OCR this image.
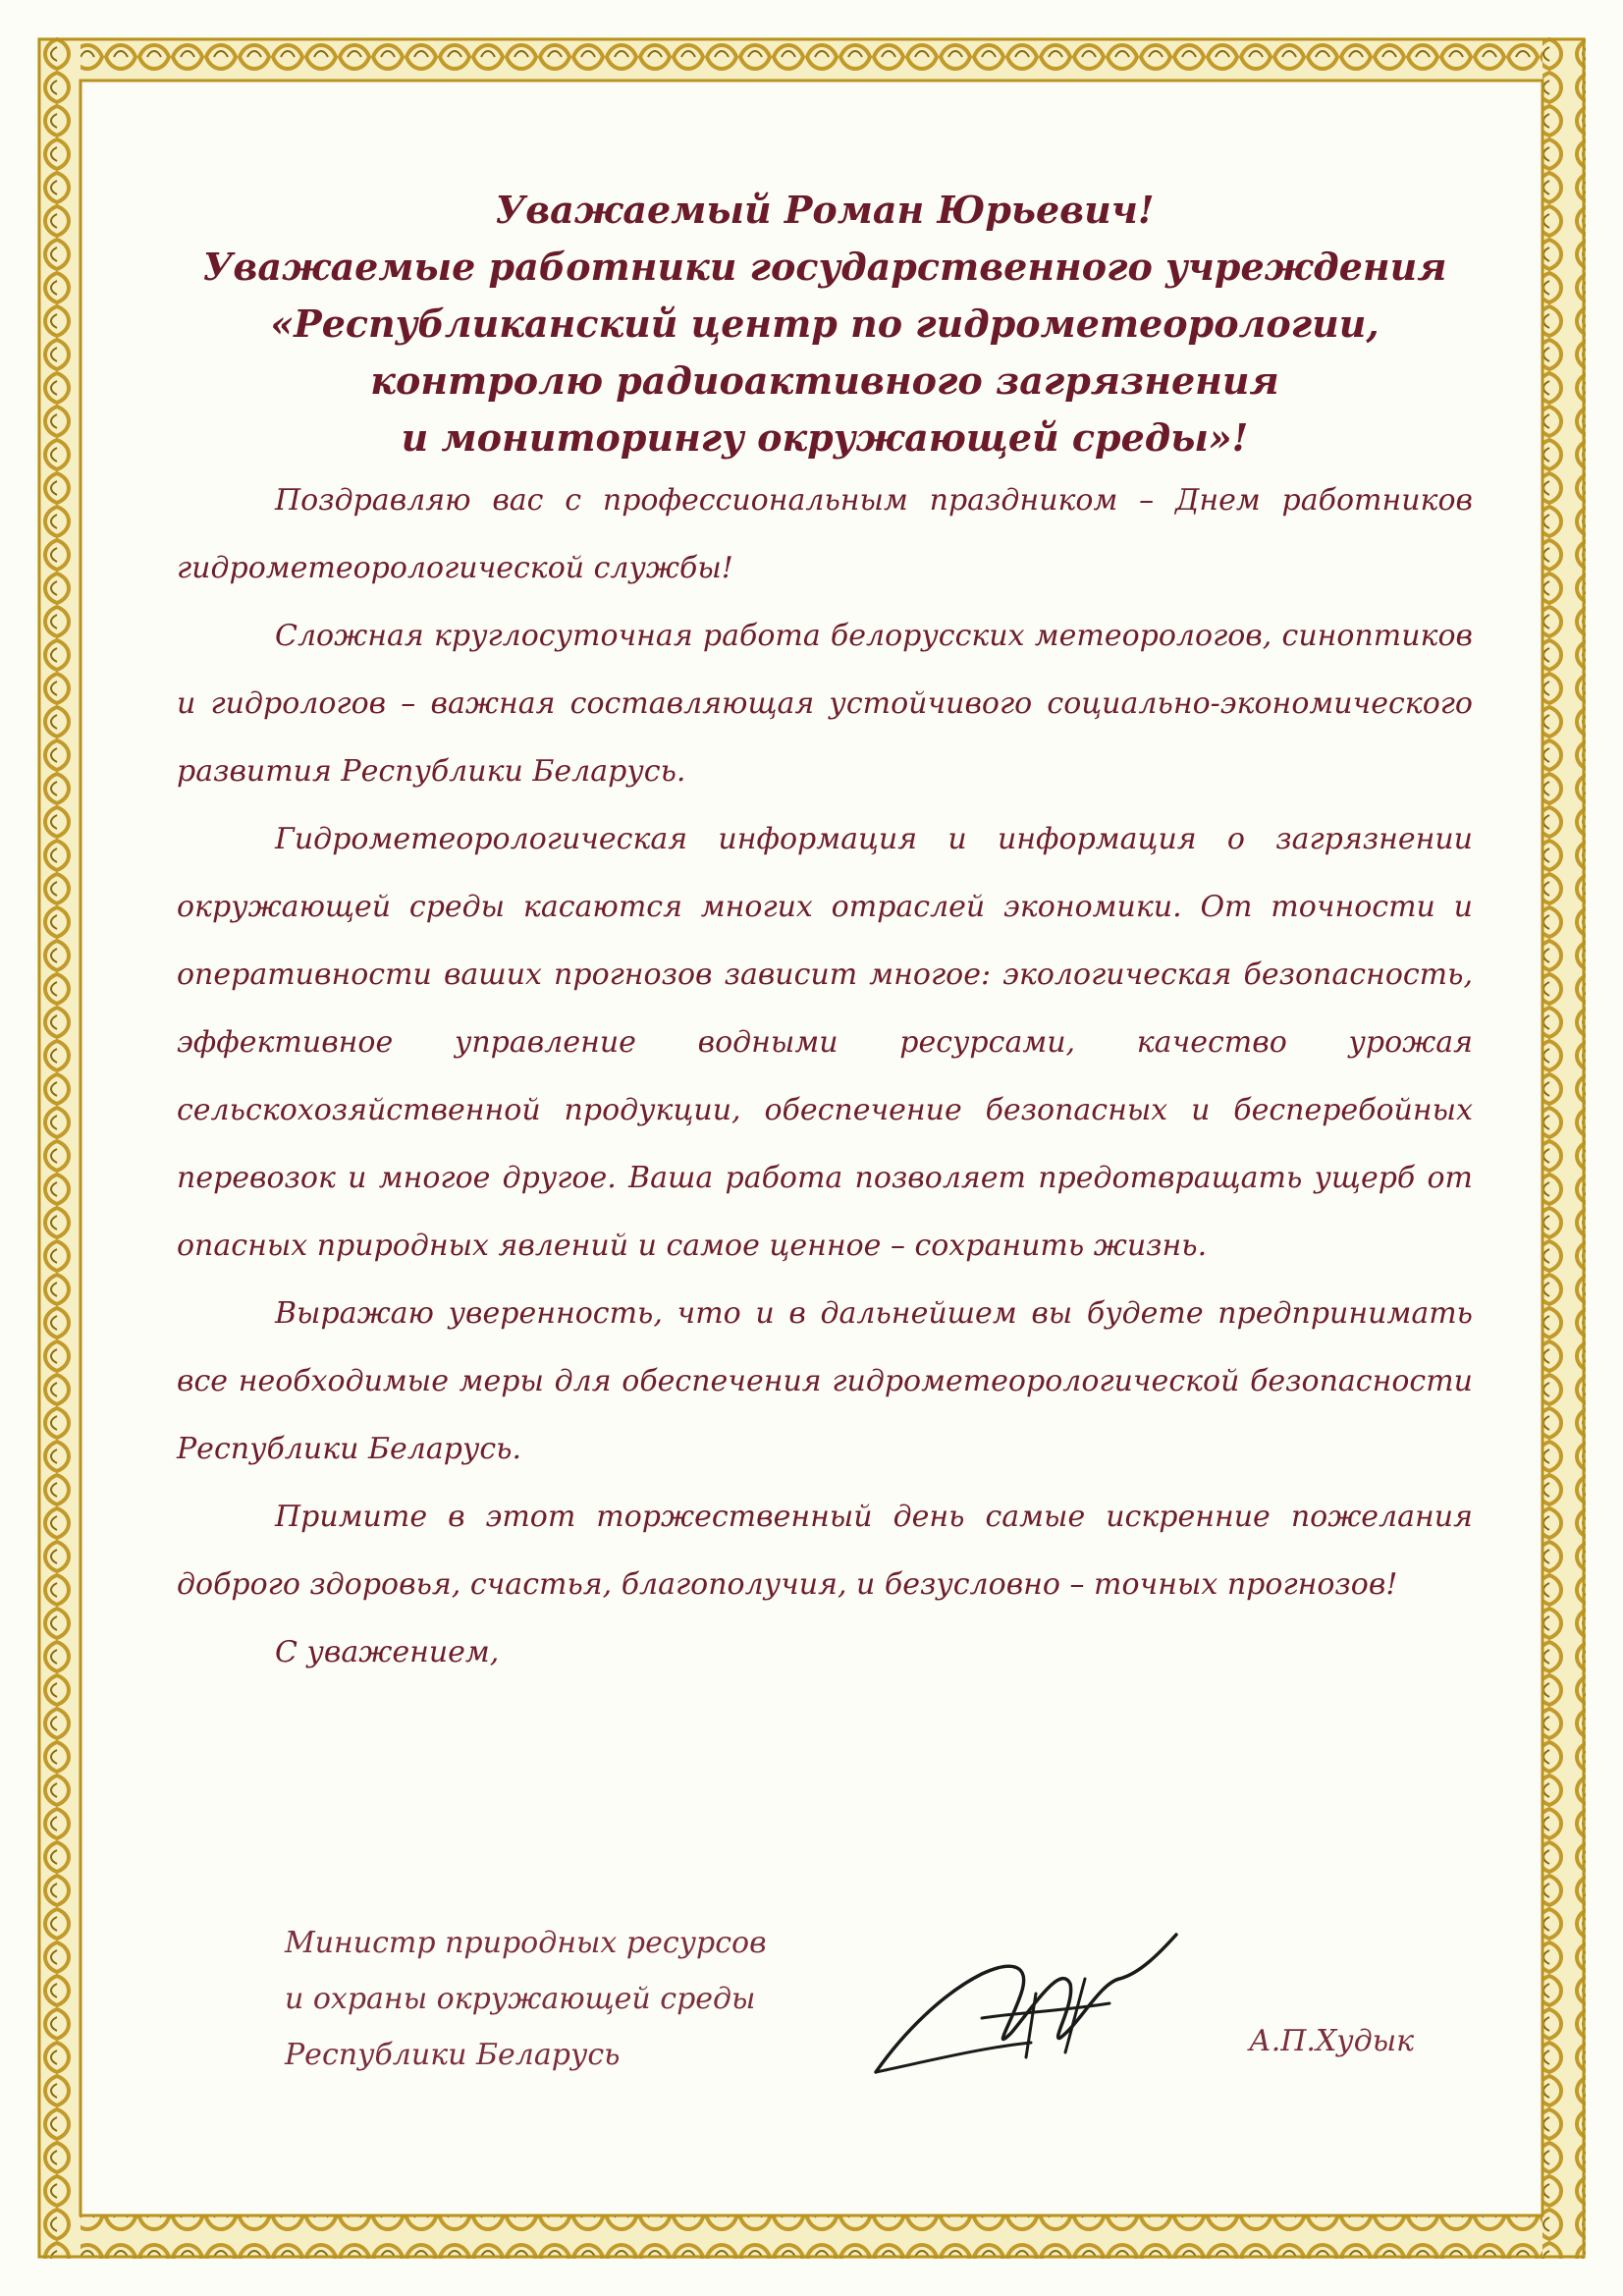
Уважаемый Роман Юрьевич!

Уважаемые работники государственного учреждения

«Республиканский центр по гидрометеорологии,

контролю радиоактивного загрязнения

и мониторингу окружающей среды»!

Поздравляю вас с профессиональным праздником – Днем работников гидрометеорологической службы!

Сложная круглосуточная работа белорусских метеорологов, синоптиков и гидрологов – важная составляющая устойчивого социально-экономического развития Республики Беларусь.

Гидрометеорологическая информация и информация о загрязнении окружающей среды касаются многих отраслей экономики. От точности и оперативности ваших прогнозов зависит многое: экологическая безопасность, эффективное управление водными ресурсами, качество урожая сельскохозяйственной продукции, обеспечение безопасных и бесперебойных перевозок и многое другое. Ваша работа позволяет предотвращать ущерб от опасных природных явлений и самое ценное – сохранить жизнь.

Выражаю уверенность, что и в дальнейшем вы будете предпринимать все необходимые меры для обеспечения гидрометеорологической безопасности Республики Беларусь.

Примите в этот торжественный день самые искренние пожелания доброго здоровья, счастья, благополучия, и безусловно – точных прогнозов!

С уважением,

Министр природных ресурсов
и охраны окружающей среды
Республики Беларусь	А.П.Худык
